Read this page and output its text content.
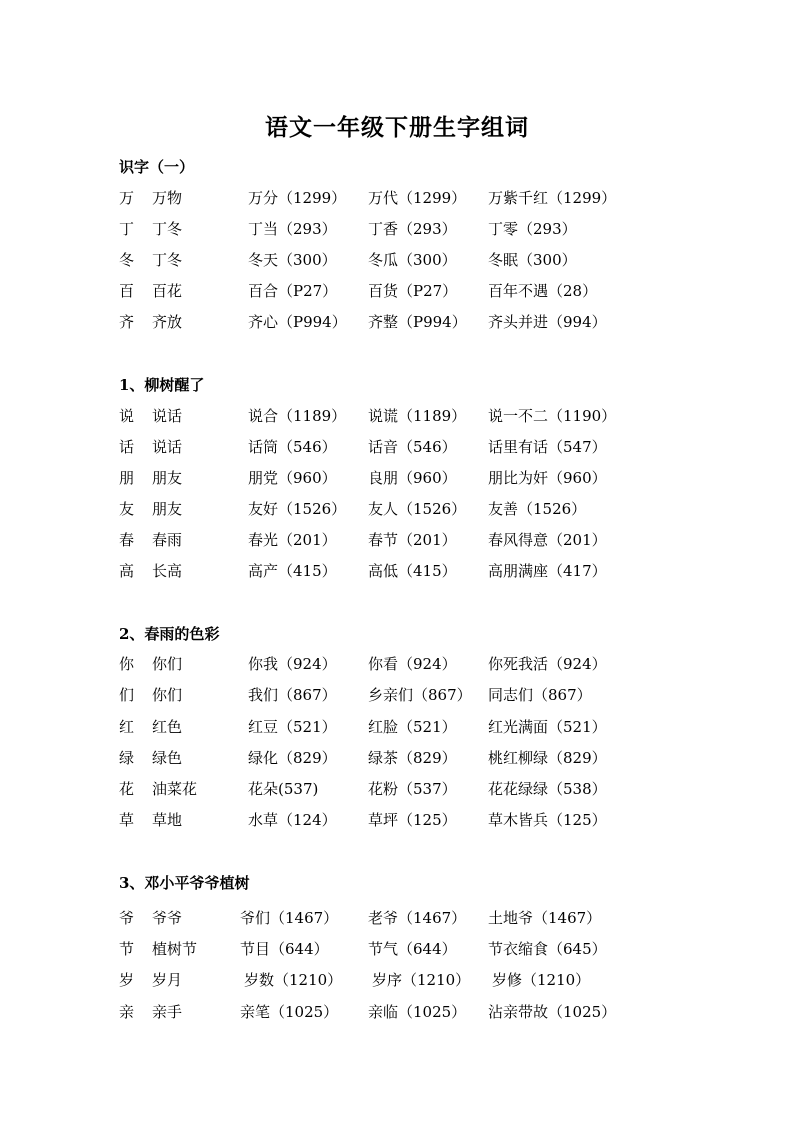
语文一年级下册生字组词
识字（一）
万 万物	万分（1299） 万代（1299） 万紫千红（1299）
丁 丁冬	丁当（293） 丁香（293） 丁零（293）
冬 丁冬	冬天（300） 冬瓜（300） 冬眠（300）
百 百花	百合（P27） 百货（P27） 百年不遇（28）
齐 齐放	齐心（P994） 齐整（P994） 齐头并进（994）
1、柳树醒了
说 说话	说合（1189） 说谎（1189） 说一不二（1190）
话 说话	话筒（546） 话音（546） 话里有话（547）
朋 朋友	朋党（960） 良朋（960） 朋比为奸（960）
友 朋友	友好（1526） 友人（1526） 友善（1526）
春 春雨	春光（201） 春节（201） 春风得意（201）
高 长高	高产（415） 高低（415） 高朋满座（417）
2、春雨的色彩
你 你们	你我（924） 你看（924） 你死我活（924）
们 你们	我们（867） 乡亲们（867） 同志们（867）
红 红色	红豆（521） 红脸（521） 红光满面（521）
绿 绿色	绿化（829） 绿茶（829） 桃红柳绿（829）
花 油菜花	花朵(537)	花粉（537） 花花绿绿（538）
草 草地	水草（124） 草坪（125） 草木皆兵（125）
3、邓小平爷爷植树
爷 爷爷	爷们（1467） 老爷（1467） 土地爷（1467）
节 植树节	节目（644）	节气（644） 节衣缩食（645）
岁 岁月	岁数（1210） 岁序（1210） 岁修（1210）
亲 亲手	亲笔（1025） 亲临（1025） 沾亲带故（1025）
